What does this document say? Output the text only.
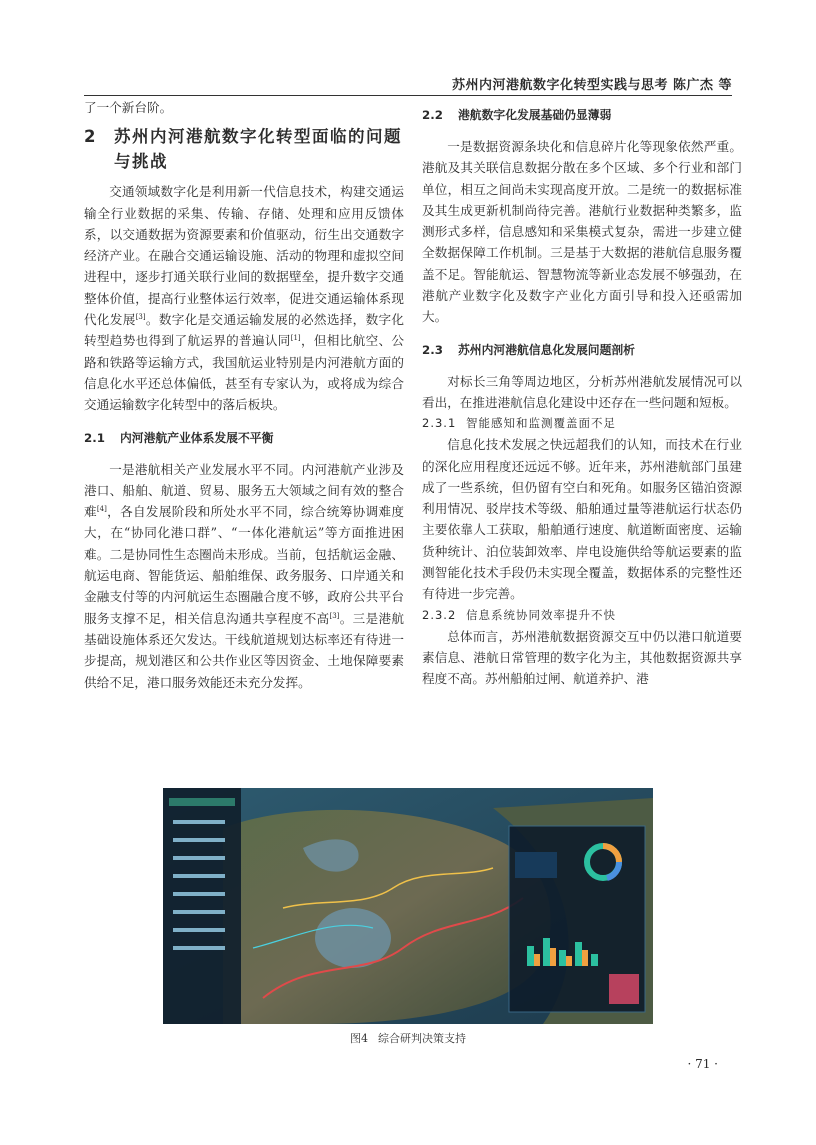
苏州内河港航数字化转型实践与思考 陈广杰 等

了一个新台阶。

2	苏州内河港航数字化转型面临的问题与挑战

交通领域数字化是利用新一代信息技术，构建交通运输全行业数据的采集、传输、存储、处理和应用反馈体系，以交通数据为资源要素和价值驱动，衍生出交通数字经济产业。在融合交通运输设施、活动的物理和虚拟空间进程中，逐步打通关联行业间的数据壁垒，提升数字交通整体价值，提高行业整体运行效率，促进交通运输体系现代化发展[3]。数字化是交通运输发展的必然选择，数字化转型趋势也得到了航运界的普遍认同[1]，但相比航空、公路和铁路等运输方式，我国航运业特别是内河港航方面的信息化水平还总体偏低，甚至有专家认为，或将成为综合交通运输数字化转型中的落后板块。

2.1 内河港航产业体系发展不平衡

一是港航相关产业发展水平不同。内河港航产业涉及港口、船舶、航道、贸易、服务五大领域之间有效的整合难[4]，各自发展阶段和所处水平不同，综合统筹协调难度大，在“协同化港口群”、“一体化港航运”等方面推进困难。二是协同性生态圈尚未形成。当前，包括航运金融、航运电商、智能货运、船舶维保、政务服务、口岸通关和金融支付等的内河航运生态圈融合度不够，政府公共平台服务支撑不足，相关信息沟通共享程度不高[3]。三是港航基础设施体系还欠发达。干线航道规划达标率还有待进一步提高，规划港区和公共作业区等因资金、土地保障要素供给不足，港口服务效能还未充分发挥。

2.2 港航数字化发展基础仍显薄弱

一是数据资源条块化和信息碎片化等现象依然严重。港航及其关联信息数据分散在多个区域、多个行业和部门单位，相互之间尚未实现高度开放。二是统一的数据标准及其生成更新机制尚待完善。港航行业数据种类繁多，监测形式多样，信息感知和采集模式复杂，需进一步建立健全数据保障工作机制。三是基于大数据的港航信息服务覆盖不足。智能航运、智慧物流等新业态发展不够强劲，在港航产业数字化及数字产业化方面引导和投入还亟需加大。

2.3 苏州内河港航信息化发展问题剖析

对标长三角等周边地区，分析苏州港航发展情况可以看出，在推进港航信息化建设中还存在一些问题和短板。

2.3.1 智能感知和监测覆盖面不足

信息化技术发展之快远超我们的认知，而技术在行业的深化应用程度还远远不够。近年来，苏州港航部门虽建成了一些系统，但仍留有空白和死角。如服务区锚泊资源利用情况、驳岸技术等级、船舶通过量等港航运行状态仍主要依靠人工获取，船舶通行速度、航道断面密度、运输货种统计、泊位装卸效率、岸电设施供给等航运要素的监测智能化技术手段仍未实现全覆盖，数据体系的完整性还有待进一步完善。

2.3.2 信息系统协同效率提升不快

总体而言，苏州港航数据资源交互中仍以港口航道要素信息、港航日常管理的数字化为主，其他数据资源共享程度不高。苏州船舶过闸、航道养护、港

图4 综合研判决策支持
· 71 ·
